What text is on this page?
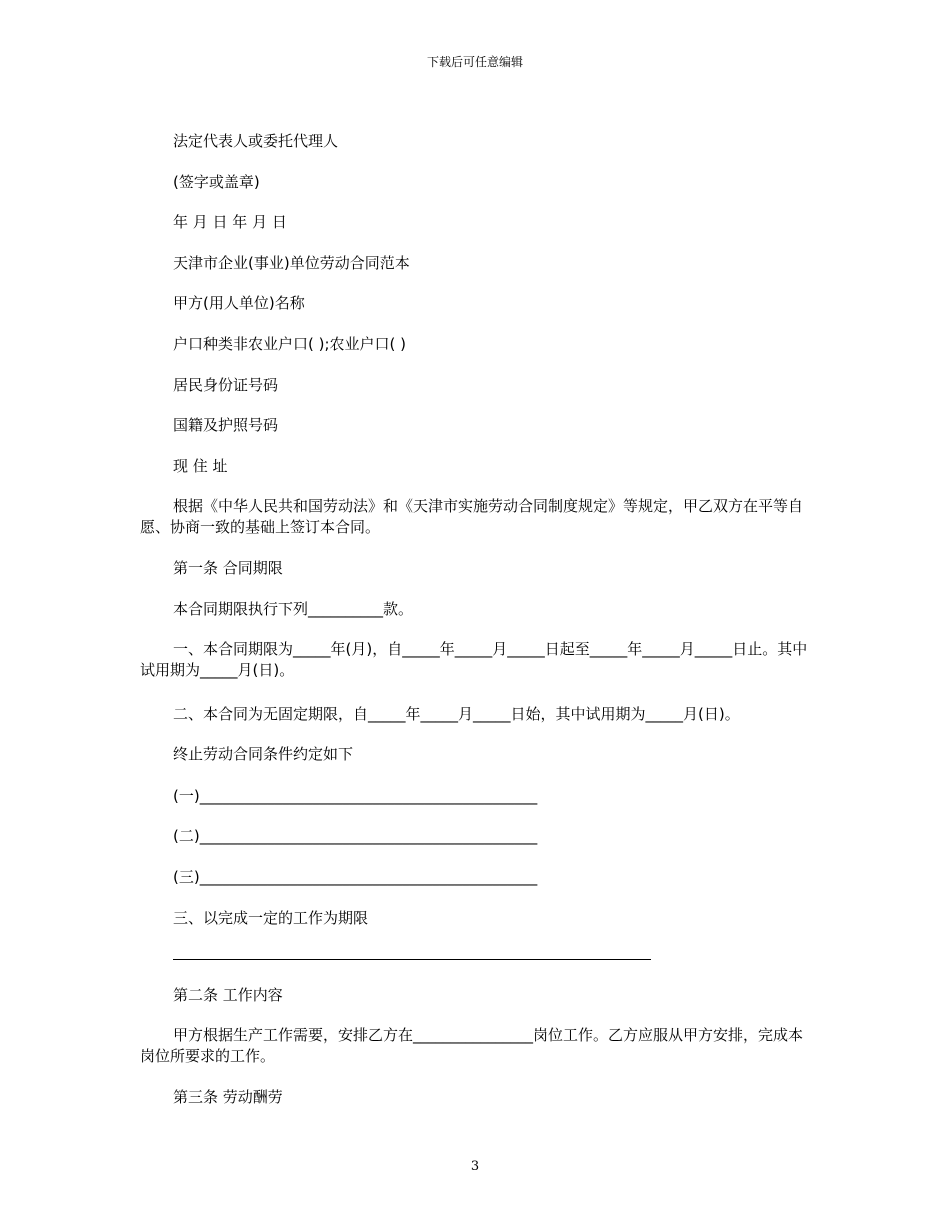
下载后可任意编辑
法定代表人或委托代理人
(签字或盖章)
年 月 日 年 月 日
天津市企业(事业)单位劳动合同范本
甲方(用人单位)名称
户口种类非农业户口( );农业户口( )
居民身份证号码
国籍及护照号码
现 住 址
根据《中华人民共和国劳动法》和《天津市实施劳动合同制度规定》等规定，甲乙双方在平等自愿、协商一致的基础上签订本合同。
第一条 合同期限
本合同期限执行下列__________款。
一、本合同期限为_____年(月)，自_____年_____月_____日起至_____年_____月_____日止。其中试用期为_____月(日)。
二、本合同为无固定期限，自_____年_____月_____日始，其中试用期为_____月(日)。
终止劳动合同条件约定如下
(一)_____________________________________________
(二)_____________________________________________
(三)_____________________________________________
三、以完成一定的工作为期限
第二条 工作内容
甲方根据生产工作需要，安排乙方在________________岗位工作。乙方应服从甲方安排，完成本岗位所要求的工作。
第三条 劳动酬劳
3
